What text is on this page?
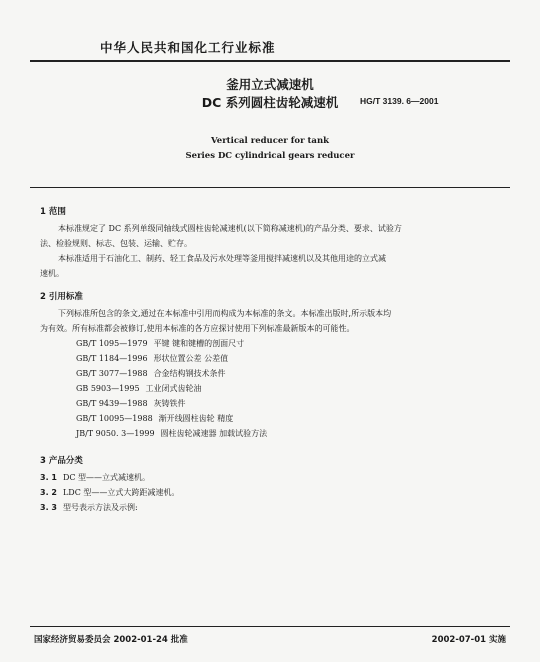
中华人民共和国化工行业标准
釜用立式减速机
DC 系列圆柱齿轮减速机	HG/T 3139. 6—2001
Vertical reducer for tank
Series DC cylindrical gears reducer
1 范围
本标准规定了 DC 系列单级同轴线式圆柱齿轮减速机(以下简称减速机)的产品分类、要求、试验方
法、检验规则、标志、包装、运输、贮存。
本标准适用于石油化工、制药、轻工食品及污水处理等釜用搅拌减速机以及其他用途的立式减
速机。
2 引用标准
下列标准所包含的条文,通过在本标准中引用而构成为本标准的条文。本标准出版时,所示版本均
为有效。所有标准都会被修订,使用本标准的各方应探讨使用下列标准最新版本的可能性。
GB/T 1095—1979 平键 键和键槽的剖面尺寸
GB/T 1184—1996 形状位置公差 公差值
GB/T 3077—1988 合金结构钢技术条件
GB 5903—1995 工业闭式齿轮油
GB/T 9439—1988 灰铸铁件
GB/T 10095—1988 渐开线圆柱齿轮 精度
JB/T 9050. 3—1999 圆柱齿轮减速器 加载试验方法
3 产品分类
3. 1 DC 型——立式减速机。
3. 2 LDC 型——立式大跨距减速机。
3. 3 型号表示方法及示例:
国家经济贸易委员会 2002-01-24 批准	2002-07-01 实施
